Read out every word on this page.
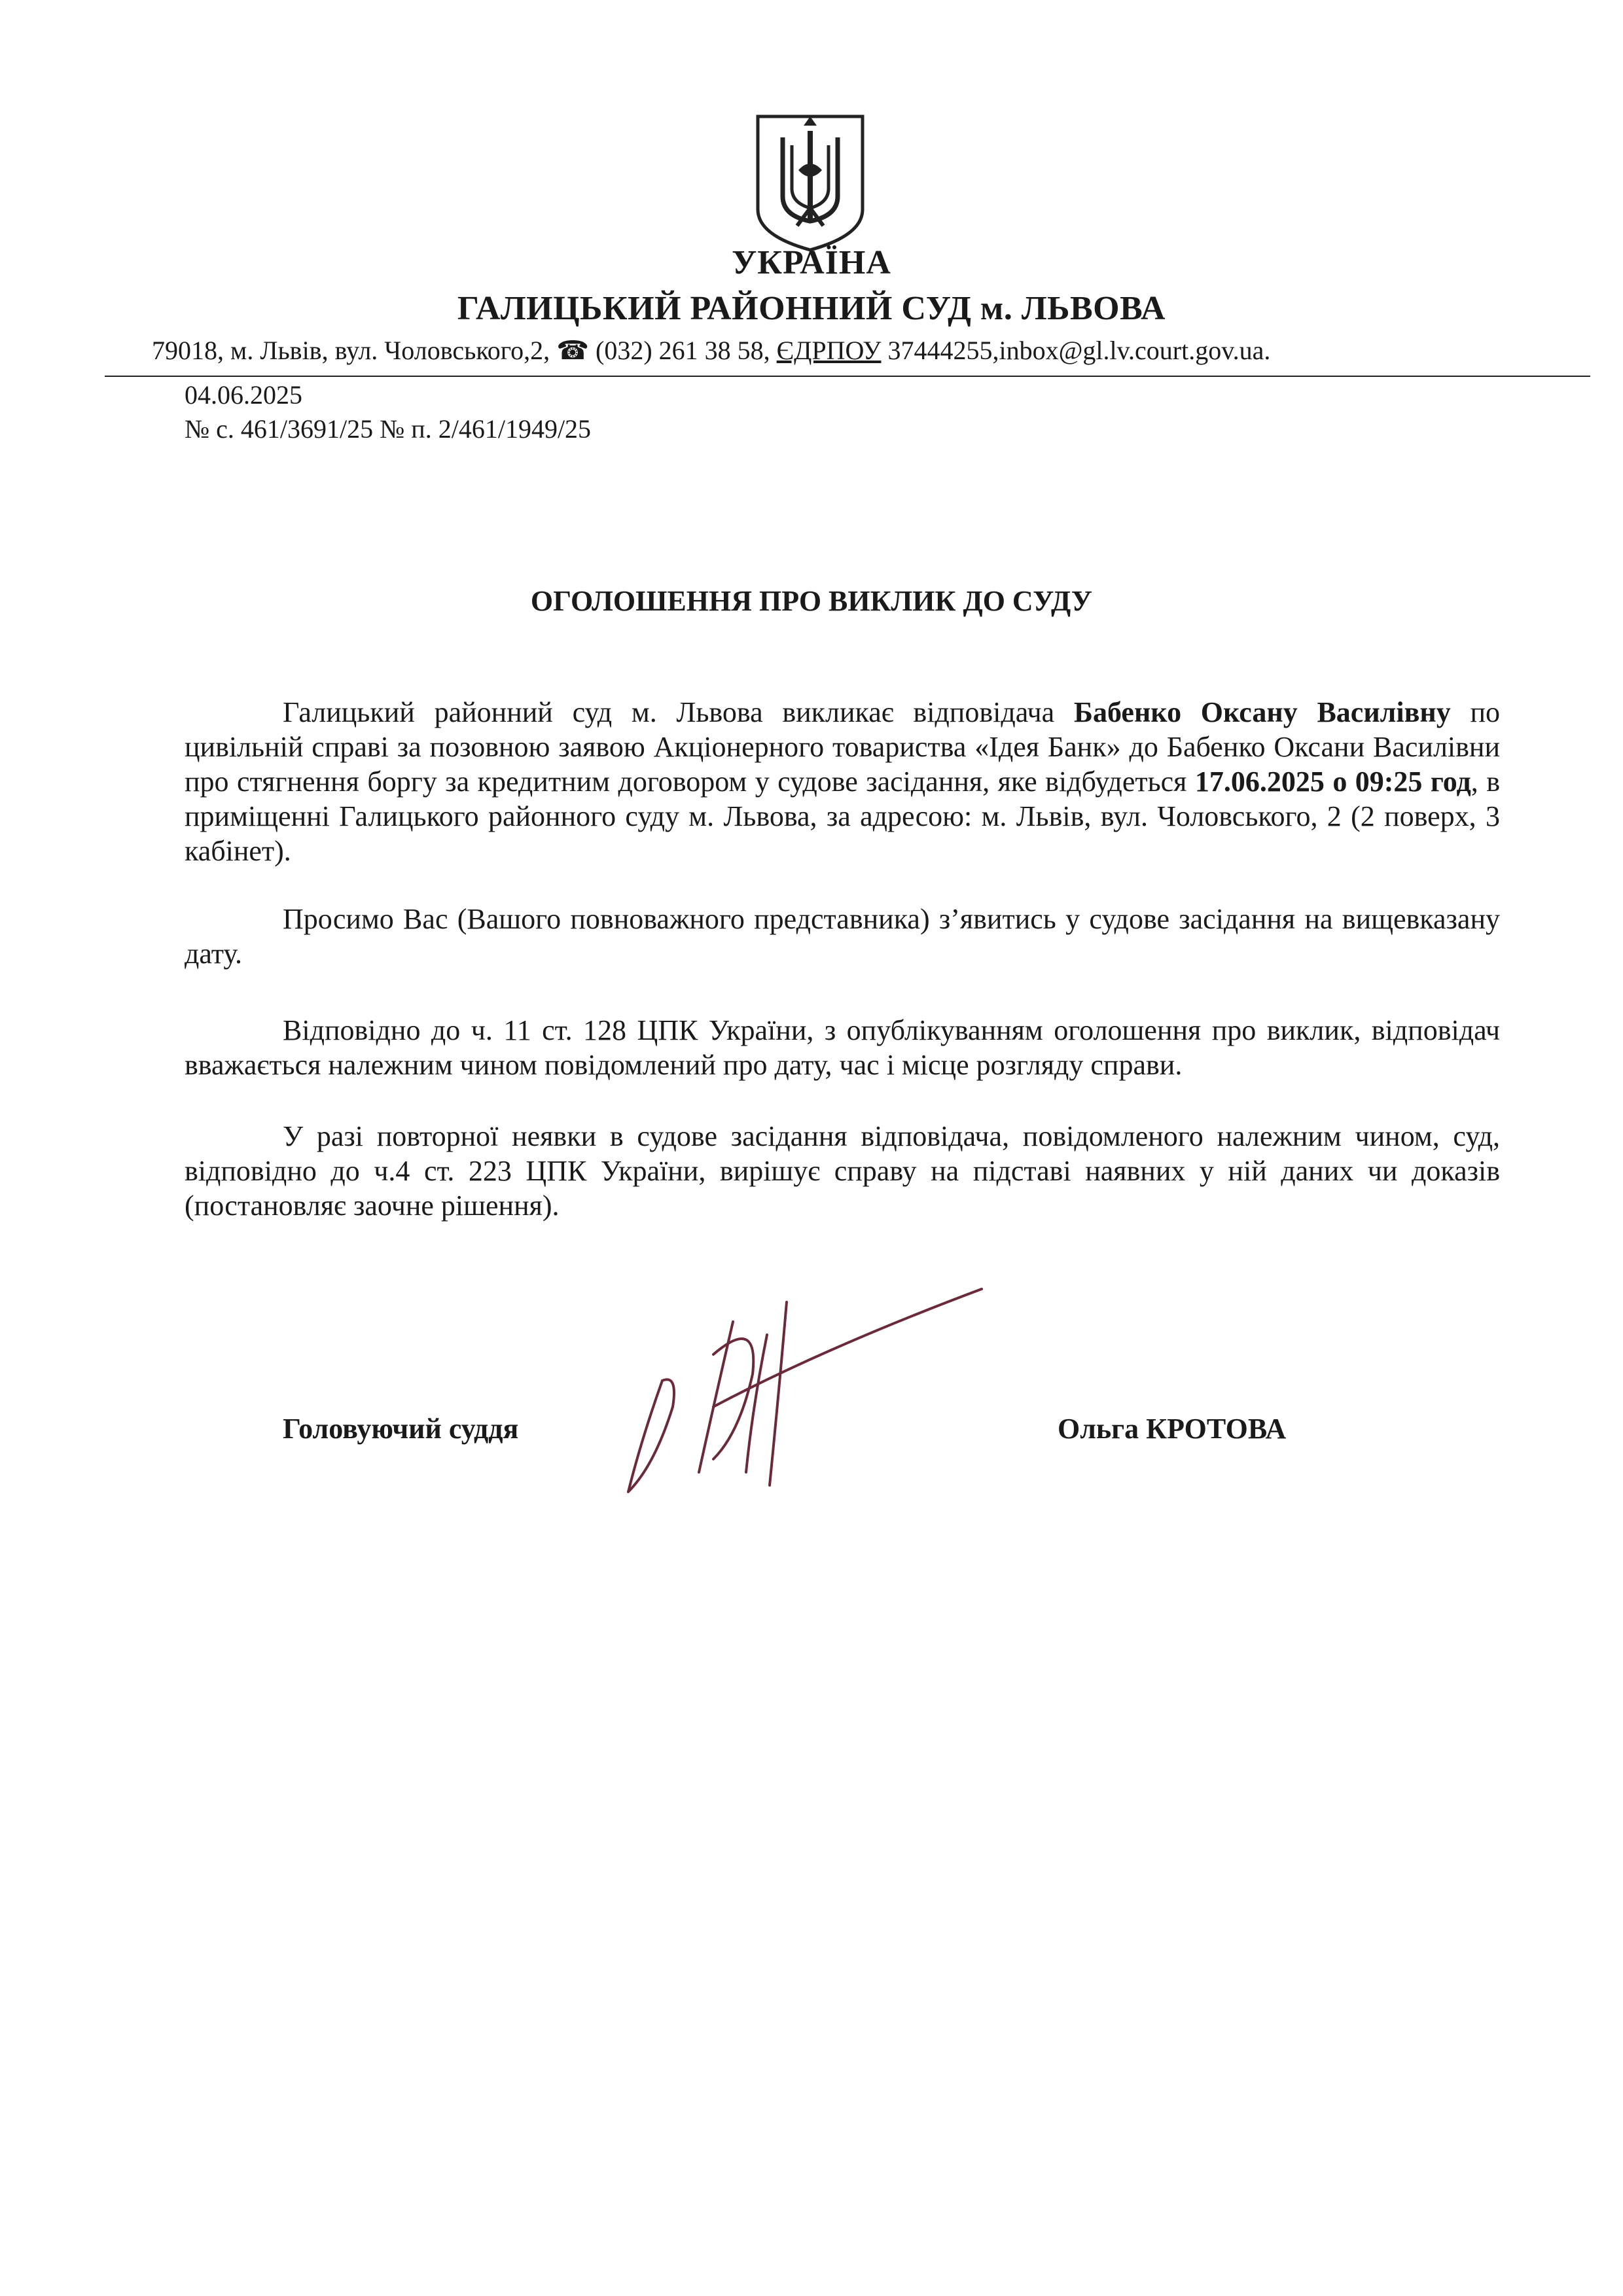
УКРАЇНА
ГАЛИЦЬКИЙ РАЙОННИЙ СУД м. ЛЬВОВА
79018, м. Львів, вул. Чоловського,2, ☎ (032) 261 38 58, ЄДРПОУ 37444255,inbox@gl.lv.court.gov.ua.
04.06.2025
№ с. 461/3691/25 № п. 2/461/1949/25
ОГОЛОШЕННЯ ПРО ВИКЛИК ДО СУДУ

Галицький районний суд м. Львова викликає відповідача Бабенко Оксану Василівну по цивільній справі за позовною заявою Акціонерного товариства «Ідея Банк» до Бабенко Оксани Василівни про стягнення боргу за кредитним договором у судове засідання, яке відбудеться 17.06.2025 о 09:25 год, в приміщенні Галицького районного суду м. Львова, за адресою: м. Львів, вул. Чоловського, 2 (2 поверх, 3 кабінет).

Просимо Вас (Вашого повноважного представника) з’явитись у судове засідання на вищевказану дату.

Відповідно до ч. 11 ст. 128 ЦПК України, з опублікуванням оголошення про виклик, відповідач вважається належним чином повідомлений про дату, час і місце розгляду справи.

У разі повторної неявки в судове засідання відповідача, повідомленого належним чином, суд, відповідно до ч.4 ст. 223 ЦПК України, вирішує справу на підставі наявних у ній даних чи доказів (постановляє заочне рішення).

Головуючий суддя	Ольга КРОТОВА
